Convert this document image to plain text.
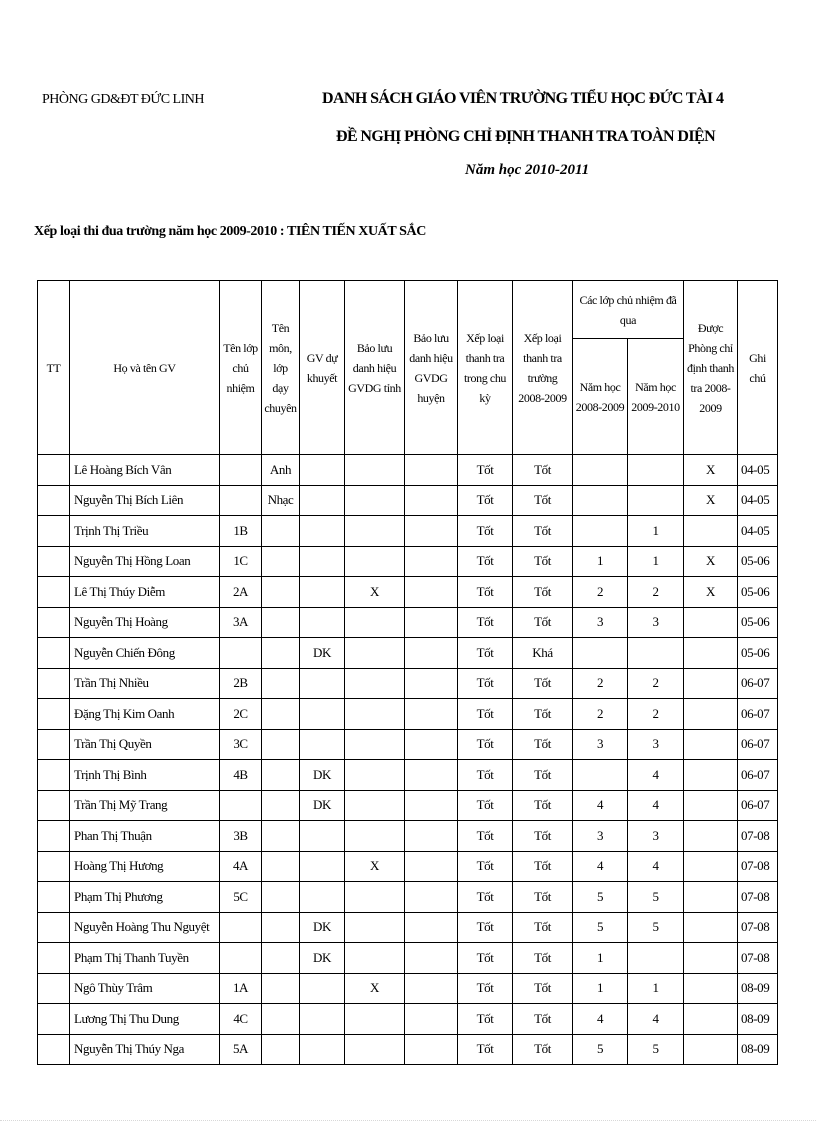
PHÒNG GD&ĐT ĐỨC LINH	DANH SÁCH GIÁO VIÊN TRƯỜNG TIỂU HỌC ĐỨC TÀI 4
ĐỀ NGHỊ PHÒNG CHỈ ĐỊNH THANH TRA TOÀN DIỆN
Năm học 2010-2011
Xếp loại thi đua trường năm học 2009-2010 : TIÊN TIẾN XUẤT SẮC
TT	Họ và tên GV	Tên lớp chủ nhiệm	Tên môn, lớp dạy chuyên	GV dự khuyết	Bảo lưu danh hiệu GVDG tỉnh	Bảo lưu danh hiệu GVDG huyện	Xếp loại thanh tra trong chu kỳ	Xếp loại thanh tra trường 2008-2009	Các lớp chủ nhiệm đã qua		Được Phòng chỉ định thanh tra 2008-2009	Ghi chú
									Năm học 2008-2009	Năm học 2009-2010		
	Lê Hoàng Bích Vân		Anh				Tốt	Tốt			X	04-05
	Nguyễn Thị Bích Liên		Nhạc				Tốt	Tốt			X	04-05
	Trịnh Thị Triều	1B					Tốt	Tốt		1		04-05
	Nguyễn Thị Hồng Loan	1C					Tốt	Tốt	1	1	X	05-06
	Lê Thị Thúy Diễm	2A			X		Tốt	Tốt	2	2	X	05-06
	Nguyễn Thị Hoàng	3A					Tốt	Tốt	3	3		05-06
	Nguyễn Chiến Đông			DK			Tốt	Khá				05-06
	Trần Thị Nhiều	2B					Tốt	Tốt	2	2		06-07
	Đặng Thị Kim Oanh	2C					Tốt	Tốt	2	2		06-07
	Trần Thị Quyền	3C					Tốt	Tốt	3	3		06-07
	Trịnh Thị Bình	4B		DK			Tốt	Tốt		4		06-07
	Trần Thị Mỹ Trang			DK			Tốt	Tốt	4	4		06-07
	Phan Thị Thuận	3B					Tốt	Tốt	3	3		07-08
	Hoàng Thị Hương	4A			X		Tốt	Tốt	4	4		07-08
	Phạm Thị Phương	5C					Tốt	Tốt	5	5		07-08
	Nguyễn Hoàng Thu Nguyệt			DK			Tốt	Tốt	5	5		07-08
	Phạm Thị Thanh Tuyền			DK			Tốt	Tốt	1			07-08
	Ngô Thùy Trâm	1A			X		Tốt	Tốt	1	1		08-09
	Lương Thị Thu Dung	4C					Tốt	Tốt	4	4		08-09
	Nguyễn Thị Thúy Nga	5A					Tốt	Tốt	5	5		08-09
